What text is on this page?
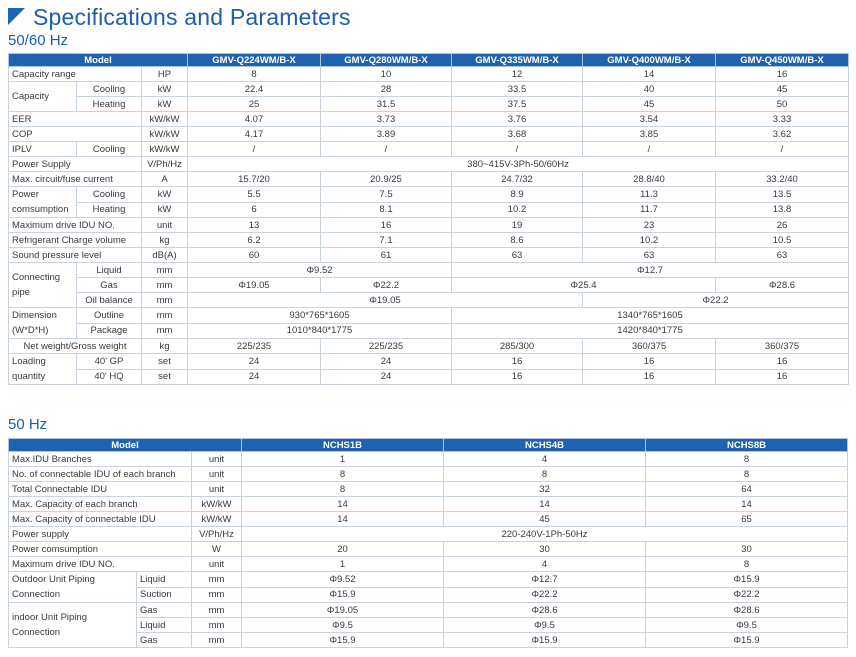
Specifications and Parameters
50/60 Hz
Model			GMV-Q224WM/B-X	GMV-Q280WM/B-X	GMV-Q335WM/B-X	GMV-Q400WM/B-X	GMV-Q450WM/B-X
Capacity range		HP	8	10	12	14	16
Capacity	Cooling	kW	22.4	28	33.5	40	45
	Heating	kW	25	31.5	37.5	45	50
EER		kW/kW	4.07	3.73	3.76	3.54	3.33
COP		kW/kW	4.17	3.89	3.68	3.85	3.62
IPLV	Cooling	kW/kW	/	/	/	/	/
Power Supply		V/Ph/Hz	380~415V-3Ph-50/60Hz				
Max. circuit/fuse current		A	15.7/20	20.9/25	24.7/32	28.8/40	33.2/40
Power comsumption	Cooling	kW	5.5	7.5	8.9	11.3	13.5
	Heating	kW	6	8.1	10.2	11.7	13.8
Maximum drive IDU NO.		unit	13	16	19	23	26
Refrigerant Charge volume		kg	6.2	7.1	8.6	10.2	10.5
Sound pressure level		dB(A)	60	61	63	63	63
Connecting pipe	Liquid	mm	Φ9.52		Φ12.7		
	Gas	mm	Φ19.05	Φ22.2	Φ25.4		Φ28.6
	Oil balance	mm	Φ19.05			Φ22.2	
Dimension (W*D*H)	Outline	mm	930*765*1605		1340*765*1605		
	Package	mm	1010*840*1775		1420*840*1775		
Net weight/Gross weight		kg	225/235	225/235	285/300	360/375	360/375
Loading quantity	40' GP	set	24	24	16	16	16
	40' HQ	set	24	24	16	16	16
50 Hz
Model			NCHS1B	NCHS4B	NCHS8B
Max.IDU Branches		unit	1	4	8
No. of connectable IDU of each branch		unit	8	8	8
Total Connectable IDU		unit	8	32	64
Max. Capacity of each branch		kW/kW	14	14	14
Max. Capacity of connectable IDU		kW/kW	14	45	65
Power supply		V/Ph/Hz	220-240V-1Ph-50Hz		
Power comsumption		W	20	30	30
Maximum drive IDU NO.		unit	1	4	8
Outdoor Unit Piping Connection	Liquid	mm	Φ9.52	Φ12.7	Φ15.9
	Suction	mm	Φ15.9	Φ22.2	Φ22.2
indoor Unit Piping Connection	Gas	mm	Φ19.05	Φ28.6	Φ28.6
	Liquid	mm	Φ9.5	Φ9.5	Φ9.5
	Gas	mm	Φ15.9	Φ15.9	Φ15.9
